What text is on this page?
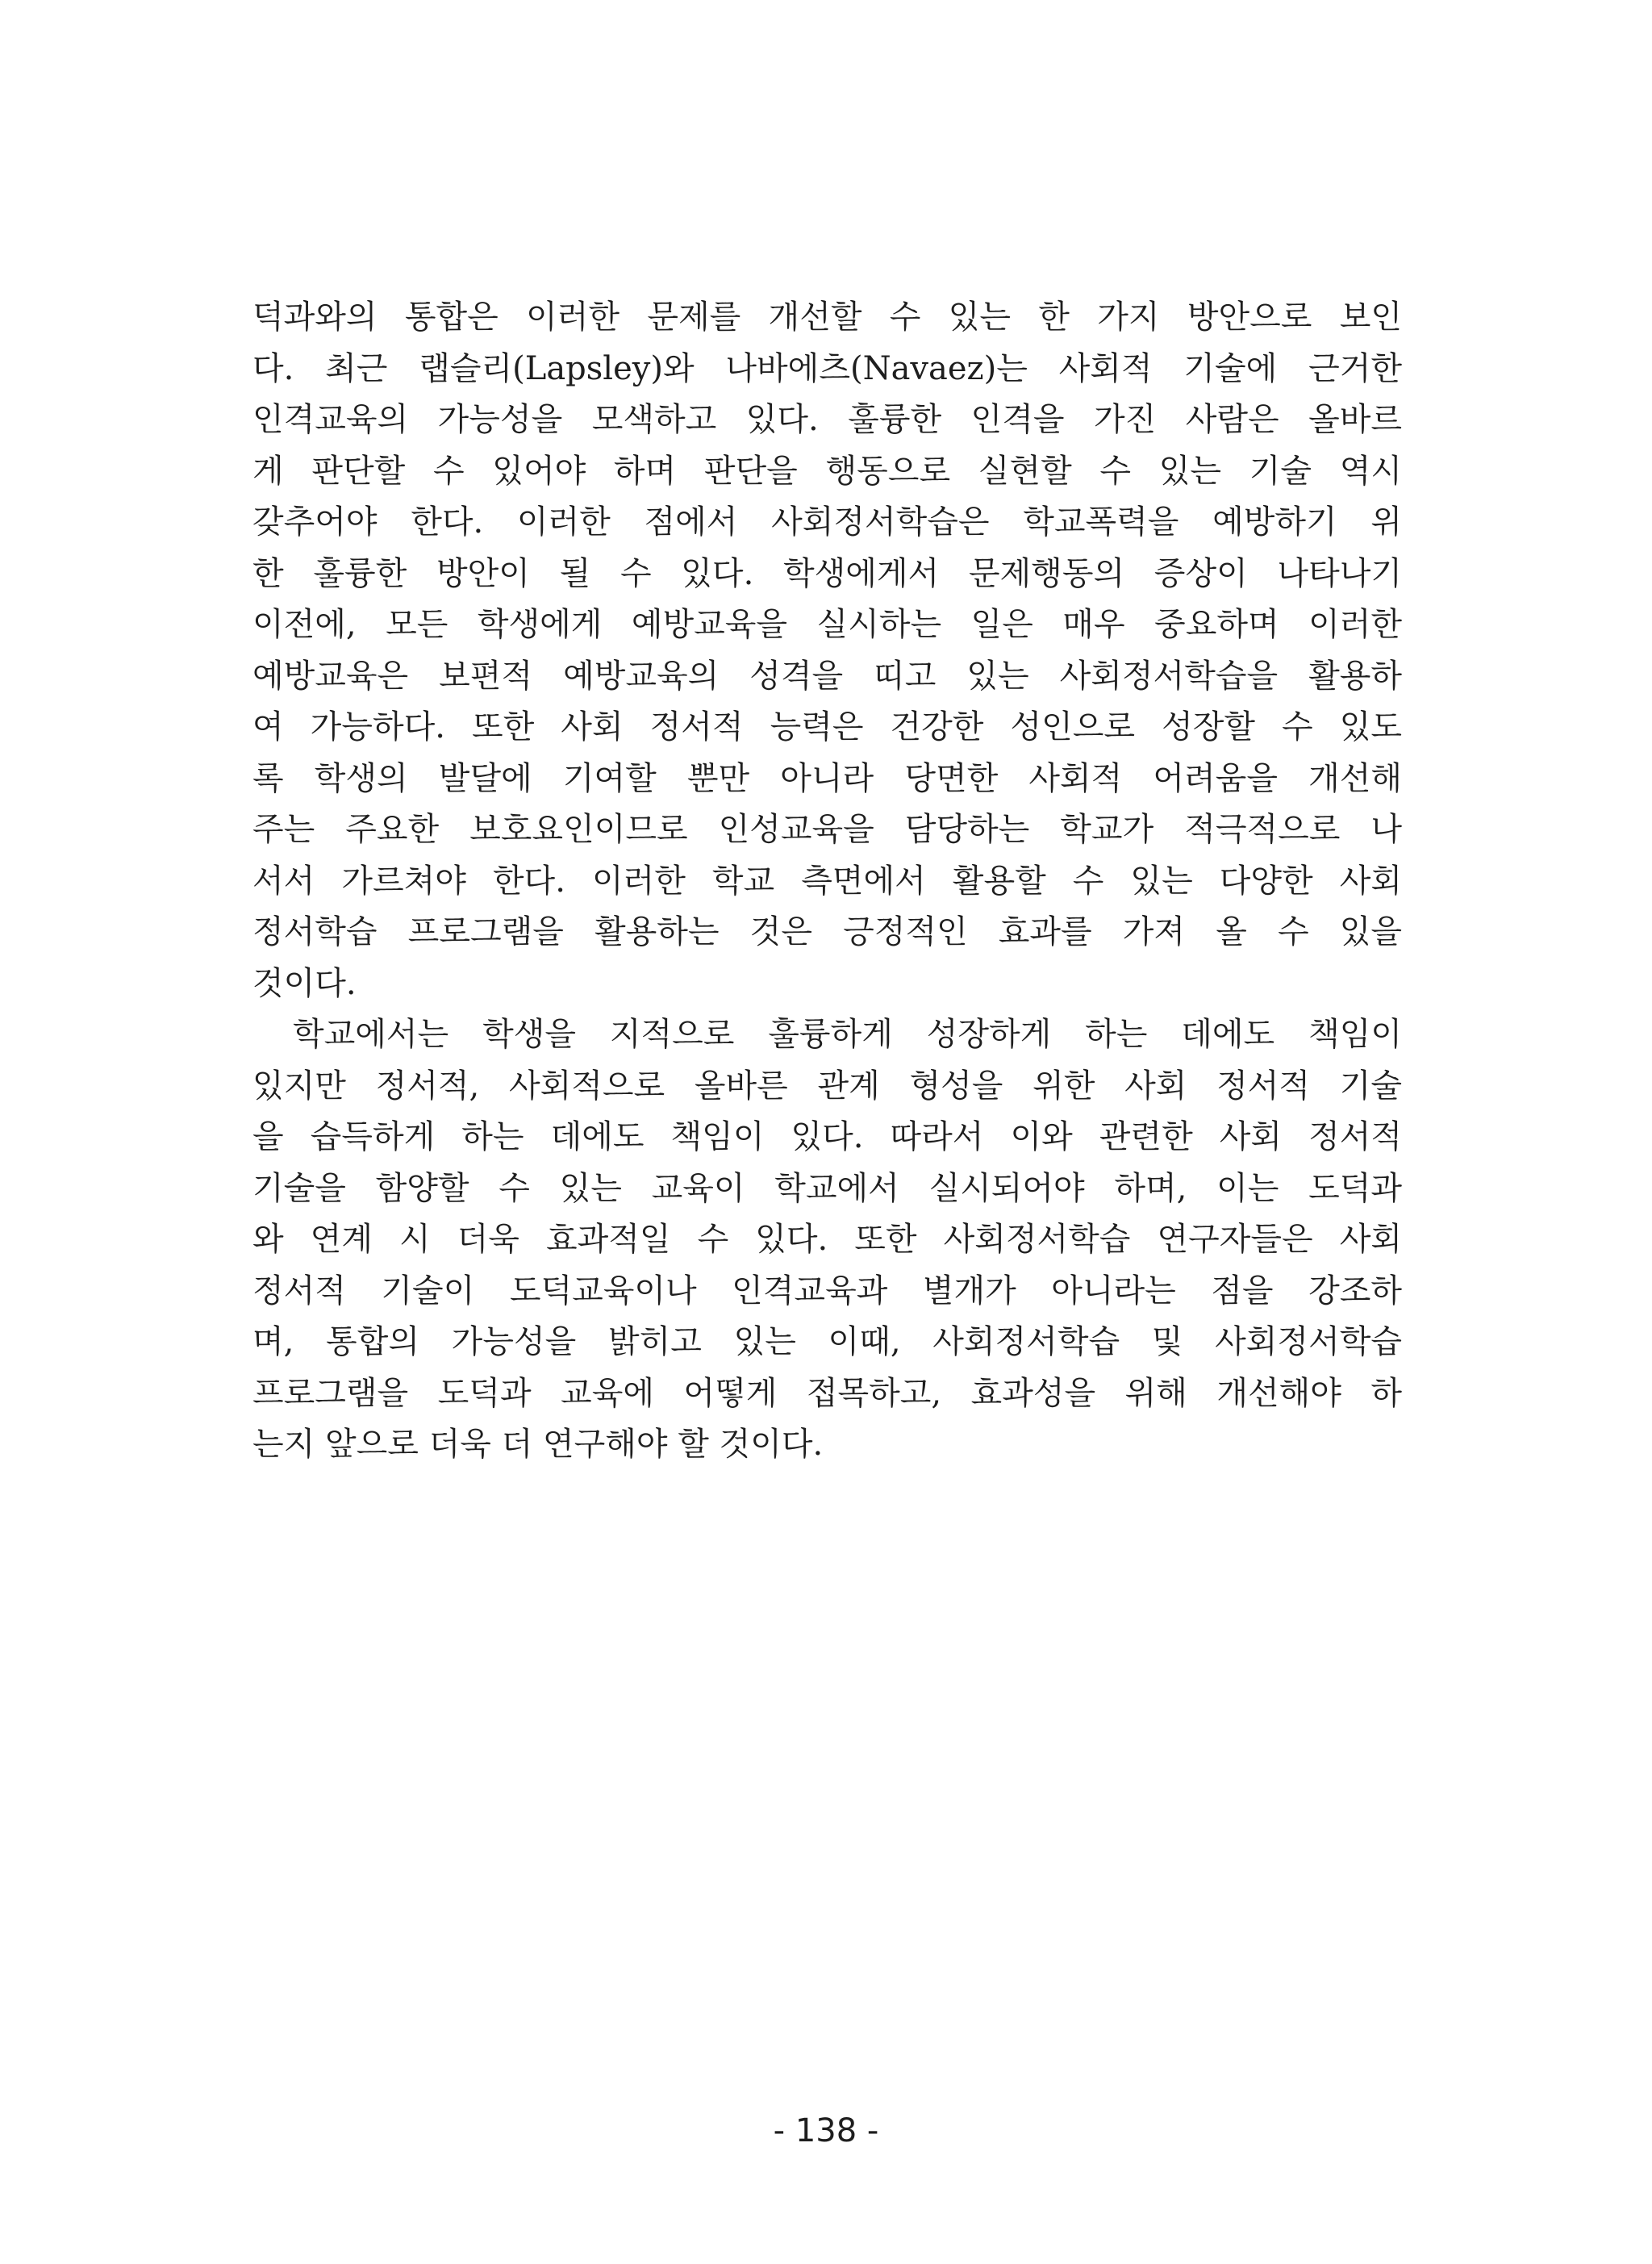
덕과와의 통합은 이러한 문제를 개선할 수 있는 한 가지 방안으로 보인
다. 최근 랩슬리(Lapsley)와 나바에츠(Navaez)는 사회적 기술에 근거한
인격교육의 가능성을 모색하고 있다. 훌륭한 인격을 가진 사람은 올바르
게 판단할 수 있어야 하며 판단을 행동으로 실현할 수 있는 기술 역시
갖추어야 한다. 이러한 점에서 사회정서학습은 학교폭력을 예방하기 위
한 훌륭한 방안이 될 수 있다. 학생에게서 문제행동의 증상이 나타나기
이전에, 모든 학생에게 예방교육을 실시하는 일은 매우 중요하며 이러한
예방교육은 보편적 예방교육의 성격을 띠고 있는 사회정서학습을 활용하
여 가능하다. 또한 사회 정서적 능력은 건강한 성인으로 성장할 수 있도
록 학생의 발달에 기여할 뿐만 아니라 당면한 사회적 어려움을 개선해
주는 주요한 보호요인이므로 인성교육을 담당하는 학교가 적극적으로 나
서서 가르쳐야 한다. 이러한 학교 측면에서 활용할 수 있는 다양한 사회
정서학습 프로그램을 활용하는 것은 긍정적인 효과를 가져 올 수 있을
것이다.
학교에서는 학생을 지적으로 훌륭하게 성장하게 하는 데에도 책임이
있지만 정서적, 사회적으로 올바른 관계 형성을 위한 사회 정서적 기술
을 습득하게 하는 데에도 책임이 있다. 따라서 이와 관련한 사회 정서적
기술을 함양할 수 있는 교육이 학교에서 실시되어야 하며, 이는 도덕과
와 연계 시 더욱 효과적일 수 있다. 또한 사회정서학습 연구자들은 사회
정서적 기술이 도덕교육이나 인격교육과 별개가 아니라는 점을 강조하
며, 통합의 가능성을 밝히고 있는 이때, 사회정서학습 및 사회정서학습
프로그램을 도덕과 교육에 어떻게 접목하고, 효과성을 위해 개선해야 하
는지 앞으로 더욱 더 연구해야 할 것이다.
- 138 -
